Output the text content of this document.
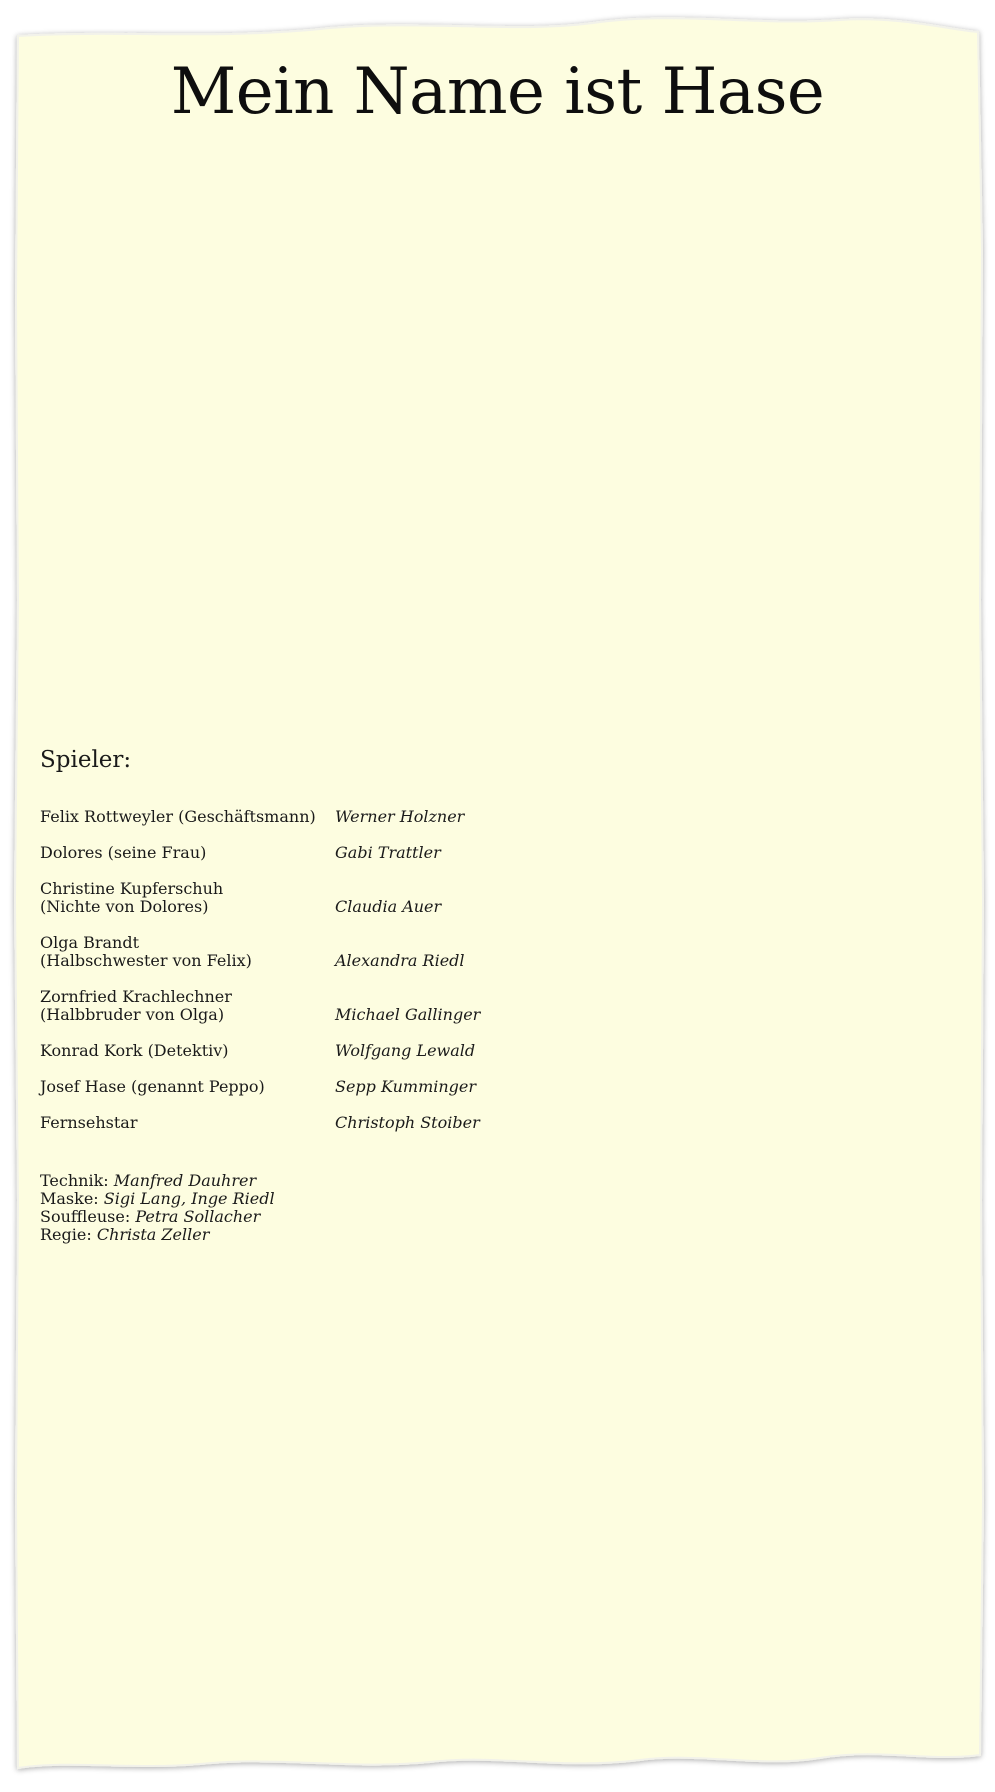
Mein Name ist Hase
Spieler:
Felix Rottweyler (Geschäftsmann)	Werner Holzner
Dolores (seine Frau)	Gabi Trattler
Christine Kupferschuh
(Nichte von Dolores)	Claudia Auer
Olga Brandt
(Halbschwester von Felix)	Alexandra Riedl
Zornfried Krachlechner
(Halbbruder von Olga)	Michael Gallinger
Konrad Kork (Detektiv)	Wolfgang Lewald
Josef Hase (genannt Peppo)	Sepp Kumminger
Fernsehstar	Christoph Stoiber
Technik: Manfred Dauhrer
Maske: Sigi Lang, Inge Riedl
Souffleuse: Petra Sollacher
Regie: Christa Zeller
